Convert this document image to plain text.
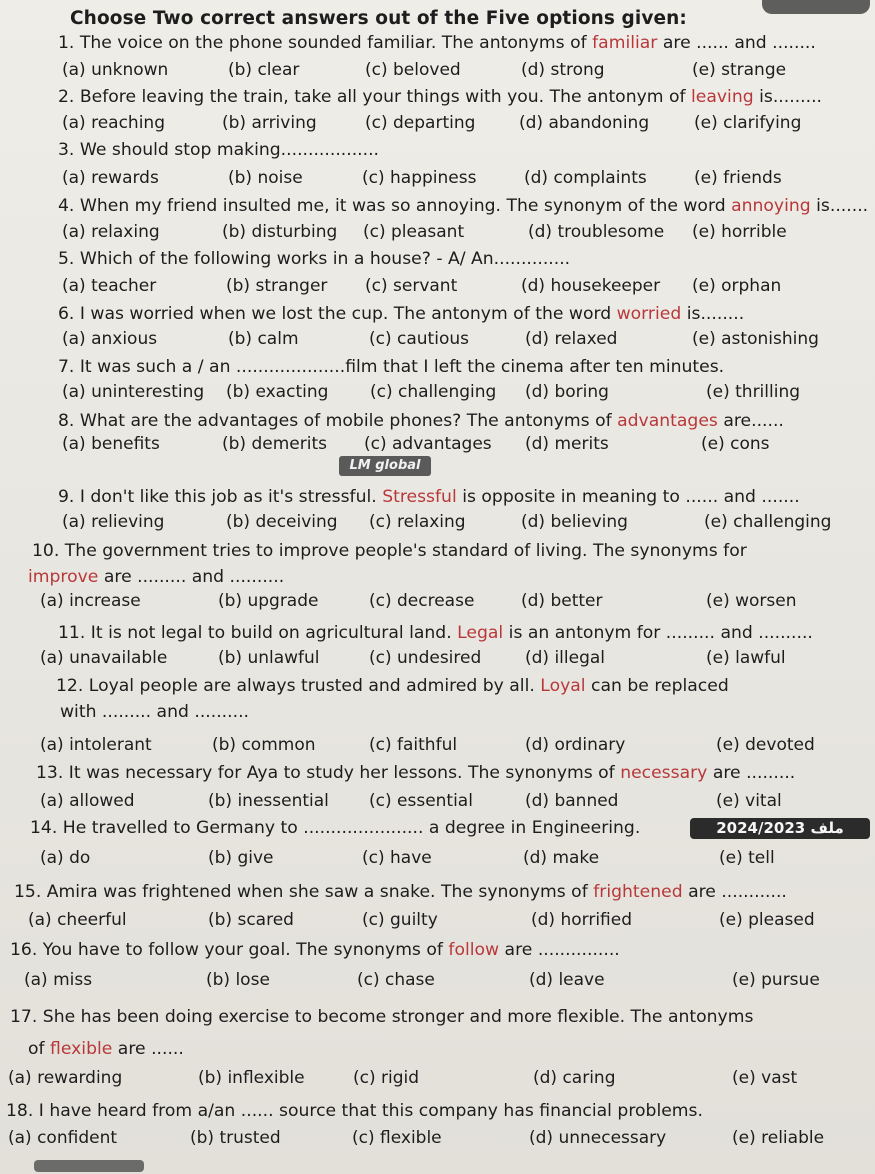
Choose Two correct answers out of the Five options given:
1. The voice on the phone sounded familiar. The antonyms of familiar are ...... and ........
(a) unknown	(b) clear	(c) beloved	(d) strong	(e) strange
2. Before leaving the train, take all your things with you. The antonym of leaving is.........
(a) reaching	(b) arriving	(c) departing	(d) abandoning	(e) clarifying
3. We should stop making..................
(a) rewards	(b) noise	(c) happiness	(d) complaints	(e) friends
4. When my friend insulted me, it was so annoying. The synonym of the word annoying is.......
(a) relaxing	(b) disturbing (c) pleasant	(d) troublesome (e) horrible
5. Which of the following works in a house? - A/ An..............
(a) teacher	(b) stranger (c) servant	(d) housekeeper (e) orphan
6. I was worried when we lost the cup. The antonym of the word worried is........
(a) anxious	(b) calm	(c) cautious	(d) relaxed	(e) astonishing
7. It was such a / an ....................film that I left the cinema after ten minutes.
(a) uninteresting (b) exacting (c) challenging (d) boring	(e) thrilling
8. What are the advantages of mobile phones? The antonyms of advantages are......
(a) benefits	(b) demerits (c) advantages (d) merits	(e) cons
9. I don't like this job as it's stressful. Stressful is opposite in meaning to ...... and .......
(a) relieving	(b) deceiving (c) relaxing	(d) believing	(e) challenging
10. The government tries to improve people's standard of living. The synonyms for
improve are ......... and ..........
(a) increase	(b) upgrade	(c) decrease	(d) better	(e) worsen
11. It is not legal to build on agricultural land. Legal is an antonym for ......... and ..........
(a) unavailable	(b) unlawful	(c) undesired	(d) illegal	(e) lawful
12. Loyal people are always trusted and admired by all. Loyal can be replaced
with ......... and ..........
(a) intolerant	(b) common	(c) faithful	(d) ordinary	(e) devoted
13. It was necessary for Aya to study her lessons. The synonyms of necessary are .........
(a) allowed	(b) inessential (c) essential	(d) banned	(e) vital
14. He travelled to Germany to ...................... a degree in Engineering.
(a) do	(b) give	(c) have	(d) make	(e) tell
15. Amira was frightened when she saw a snake. The synonyms of frightened are ............
(a) cheerful	(b) scared	(c) guilty	(d) horrified	(e) pleased
16. You have to follow your goal. The synonyms of follow are ...............
(a) miss	(b) lose	(c) chase	(d) leave	(e) pursue
17. She has been doing exercise to become stronger and more flexible. The antonyms
of flexible are ......
(a) rewarding	(b) inflexible	(c) rigid	(d) caring	(e) vast
18. I have heard from a/an ...... source that this company has financial problems.
(a) confident	(b) trusted	(c) flexible	(d) unnecessary	(e) reliable
LM global
2024/2023 ملف
